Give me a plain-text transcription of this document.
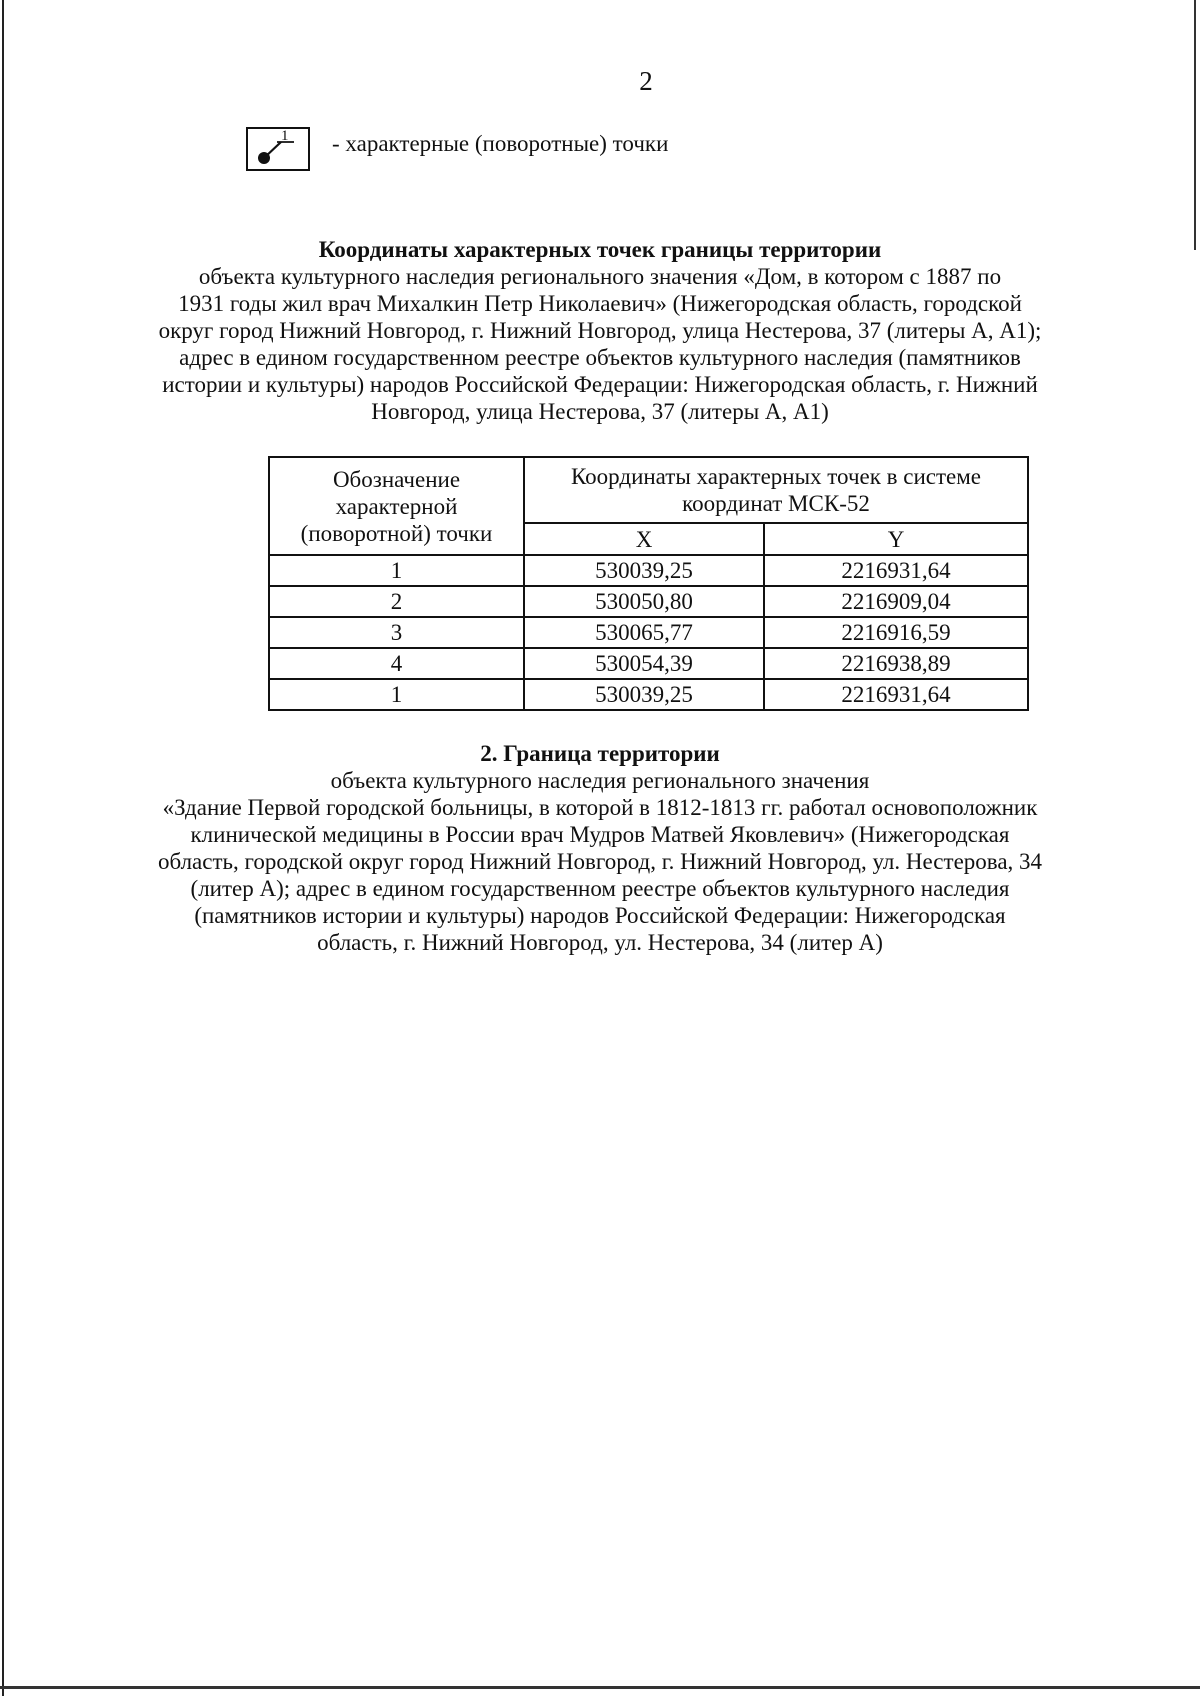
2
1 - характерные (поворотные) точки
Координаты характерных точек границы территории
объекта культурного наследия регионального значения «Дом, в котором с 1887 по
1931 годы жил врач Михалкин Петр Николаевич» (Нижегородская область, городской
округ город Нижний Новгород, г. Нижний Новгород, улица Нестерова, 37 (литеры А, А1);
адрес в едином государственном реестре объектов культурного наследия (памятников
истории и культуры) народов Российской Федерации: Нижегородская область, г. Нижний
Новгород, улица Нестерова, 37 (литеры А, А1)
Обозначение характерной (поворотной) точки	Координаты характерных точек в системе координат МСК-52	
	X	Y
1	530039,25	2216931,64
2	530050,80	2216909,04
3	530065,77	2216916,59
4	530054,39	2216938,89
1	530039,25	2216931,64
2. Граница территории
объекта культурного наследия регионального значения
«Здание Первой городской больницы, в которой в 1812-1813 гг. работал основоположник
клинической медицины в России врач Мудров Матвей Яковлевич» (Нижегородская
область, городской округ город Нижний Новгород, г. Нижний Новгород, ул. Нестерова, 34
(литер А); адрес в едином государственном реестре объектов культурного наследия
(памятников истории и культуры) народов Российской Федерации: Нижегородская
область, г. Нижний Новгород, ул. Нестерова, 34 (литер А)
